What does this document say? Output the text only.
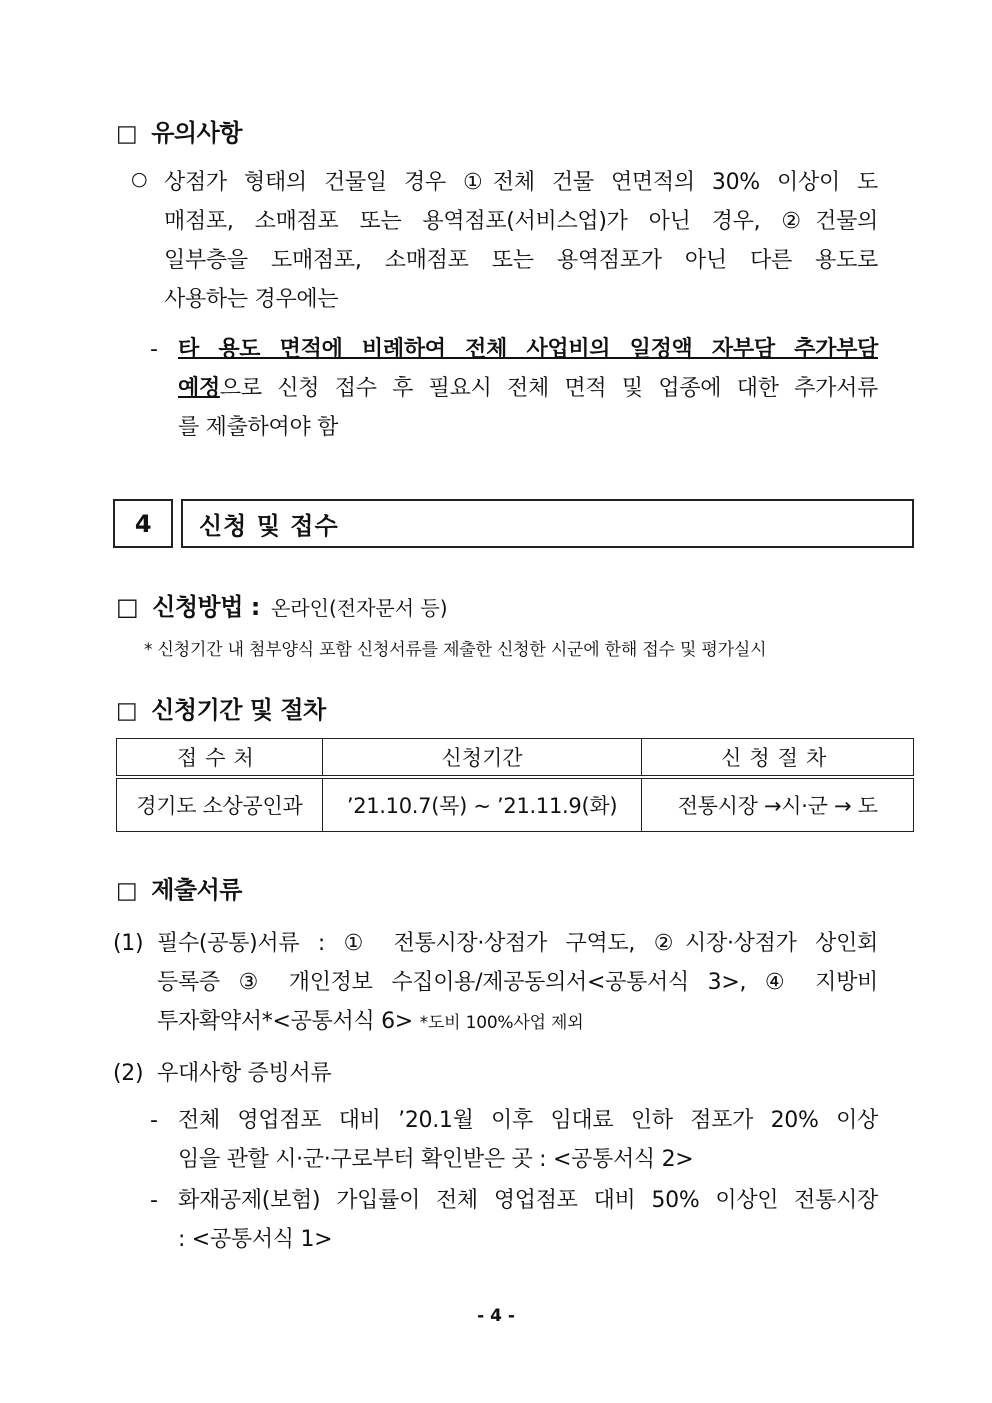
□ 유의사항
○ 상점가 형태의 건물일 경우 ①전체 건물 연면적의 30% 이상이 도
매점포, 소매점포 또는 용역점포(서비스업)가 아닌 경우, ②건물의
일부층을 도매점포, 소매점포 또는 용역점포가 아닌 다른 용도로
사용하는 경우에는
- 타 용도 면적에 비례하여 전체 사업비의 일정액 자부담 추가부담
예정으로 신청 접수 후 필요시 전체 면적 및 업종에 대한 추가서류
를 제출하여야 함
4 신청 및 접수
□ 신청방법 : 온라인(전자문서 등)
* 신청기간 내 첨부양식 포함 신청서류를 제출한 신청한 시군에 한해 접수 및 평가실시
□ 신청기간 및 절차
접수처	신청기간	신청절차
경기도 소상공인과	’21.10.7(목) ~ ’21.11.9(화)	전통시장 →시·군 → 도
□ 제출서류
(1) 필수(공통)서류 : ① 전통시장·상점가 구역도, ②시장·상점가 상인회
등록증 ③ 개인정보 수집이용/제공동의서<공통서식 3>, ④ 지방비
투자확약서*<공통서식 6> *도비 100%사업 제외
(2) 우대사항 증빙서류
- 전체 영업점포 대비 ’20.1월 이후 임대료 인하 점포가 20% 이상
임을 관할 시·군·구로부터 확인받은 곳 : <공통서식 2>
- 화재공제(보험) 가입률이 전체 영업점포 대비 50% 이상인 전통시장
: <공통서식 1>
- 4 -
